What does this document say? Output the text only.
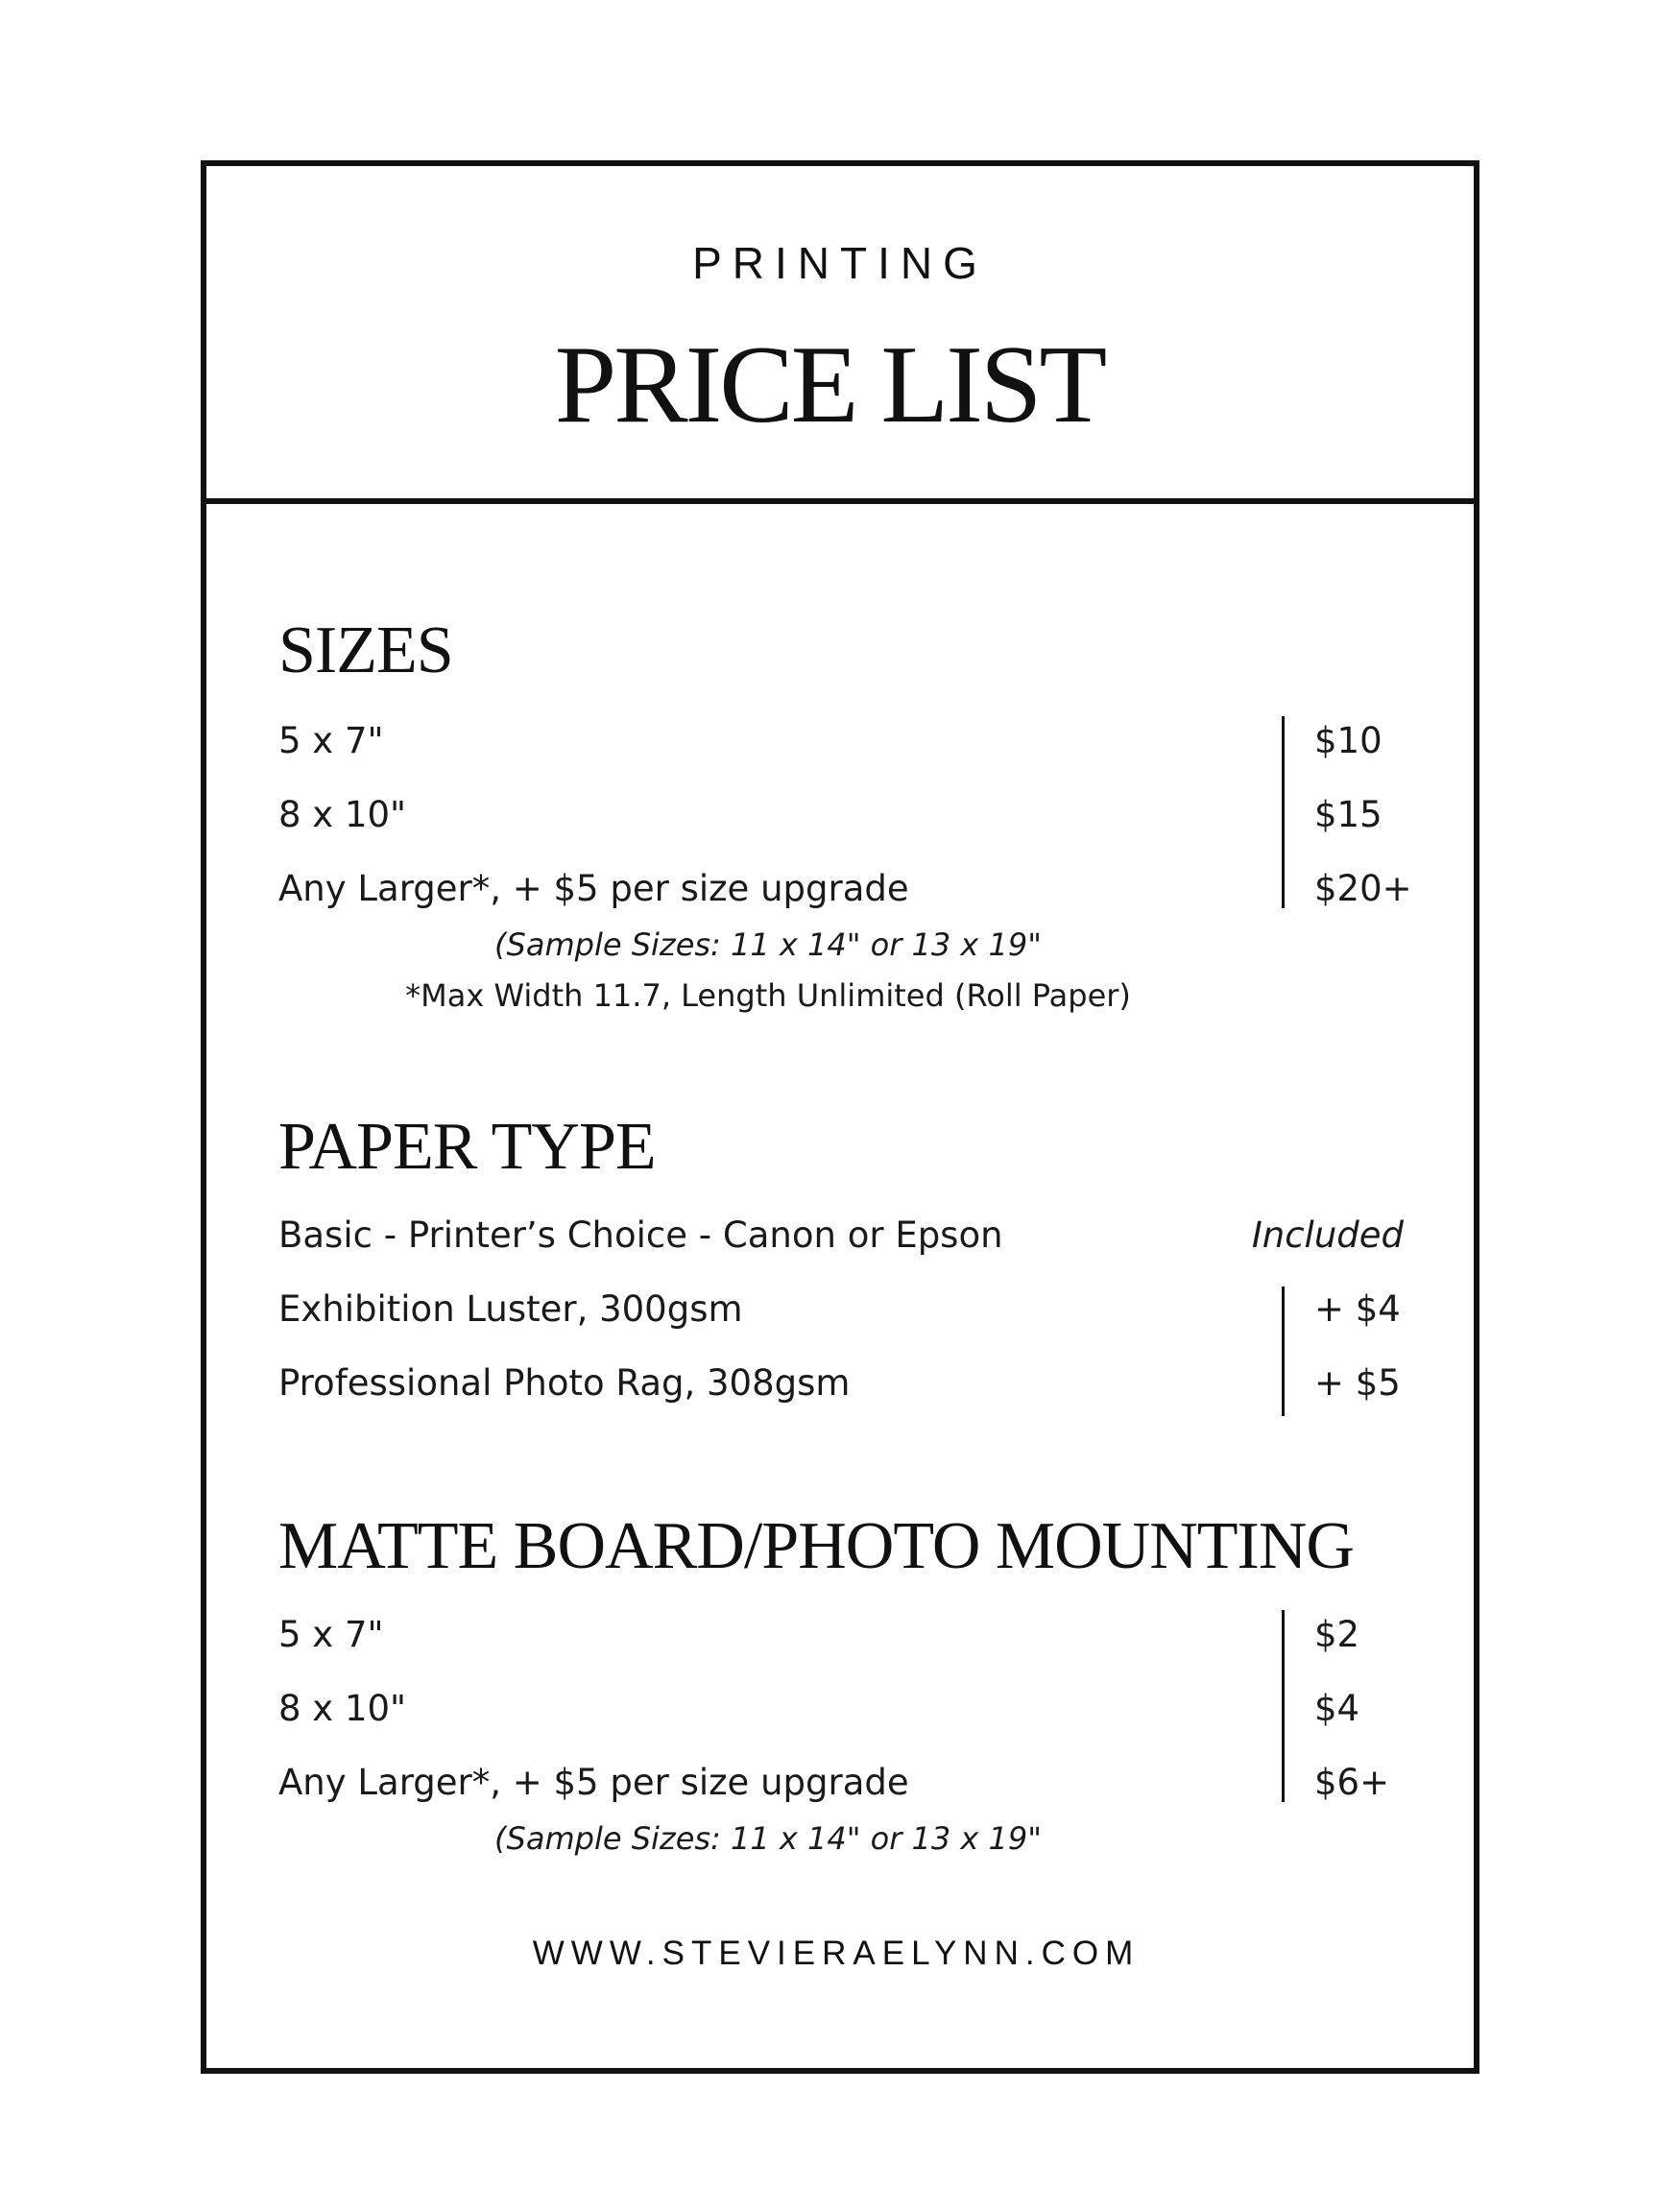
PRINTING
PRICE LIST
SIZES
5 x 7"	$10
8 x 10"	$15
Any Larger*, + $5 per size upgrade	$20+
(Sample Sizes: 11 x 14" or 13 x 19"
*Max Width 11.7, Length Unlimited (Roll Paper)
PAPER TYPE
Basic - Printer’s Choice - Canon or Epson	Included
Exhibition Luster, 300gsm	+ $4
Professional Photo Rag, 308gsm	+ $5
MATTE BOARD/PHOTO MOUNTING
5 x 7"	$2
8 x 10"	$4
Any Larger*, + $5 per size upgrade	$6+
(Sample Sizes: 11 x 14" or 13 x 19"
WWW.STEVIERAELYNN.COM
